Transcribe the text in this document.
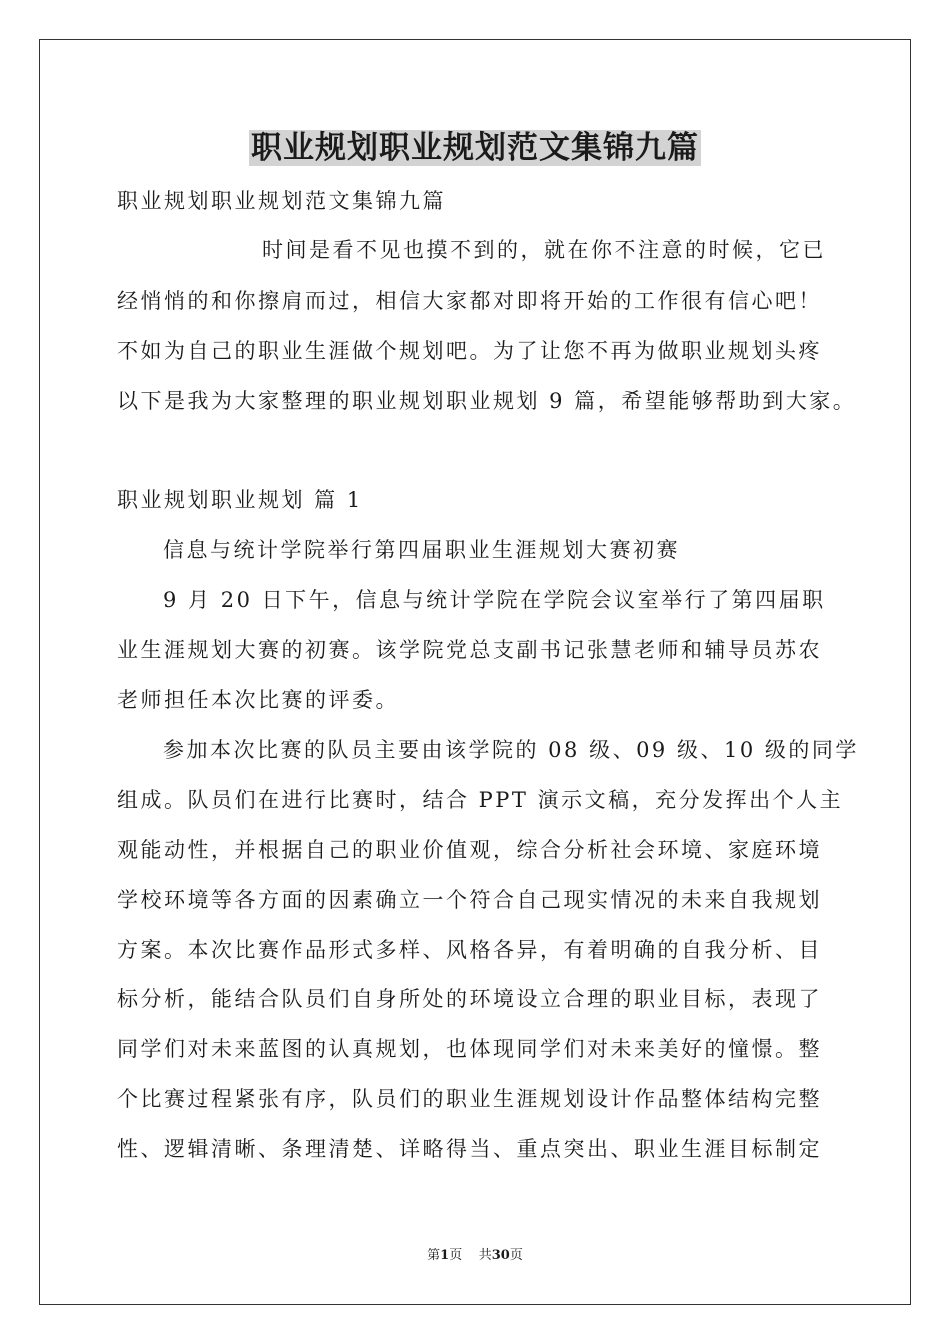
职业规划职业规划范文集锦九篇
职业规划职业规划范文集锦九篇
时间是看不见也摸不到的，就在你不注意的时候，它已
经悄悄的和你擦肩而过，相信大家都对即将开始的工作很有信心吧！
不如为自己的职业生涯做个规划吧。为了让您不再为做职业规划头疼
以下是我为大家整理的职业规划职业规划 9 篇，希望能够帮助到大家。
职业规划职业规划 篇 1
信息与统计学院举行第四届职业生涯规划大赛初赛
9 月 20 日下午，信息与统计学院在学院会议室举行了第四届职
业生涯规划大赛的初赛。该学院党总支副书记张慧老师和辅导员苏农
老师担任本次比赛的评委。
参加本次比赛的队员主要由该学院的 08 级、09 级、10 级的同学
组成。队员们在进行比赛时，结合 PPT 演示文稿，充分发挥出个人主
观能动性，并根据自己的职业价值观，综合分析社会环境、家庭环境
学校环境等各方面的因素确立一个符合自己现实情况的未来自我规划
方案。本次比赛作品形式多样、风格各异，有着明确的自我分析、目
标分析，能结合队员们自身所处的环境设立合理的职业目标，表现了
同学们对未来蓝图的认真规划，也体现同学们对未来美好的憧憬。整
个比赛过程紧张有序，队员们的职业生涯规划设计作品整体结构完整
性、逻辑清晰、条理清楚、详略得当、重点突出、职业生涯目标制定
第1页 共30页
